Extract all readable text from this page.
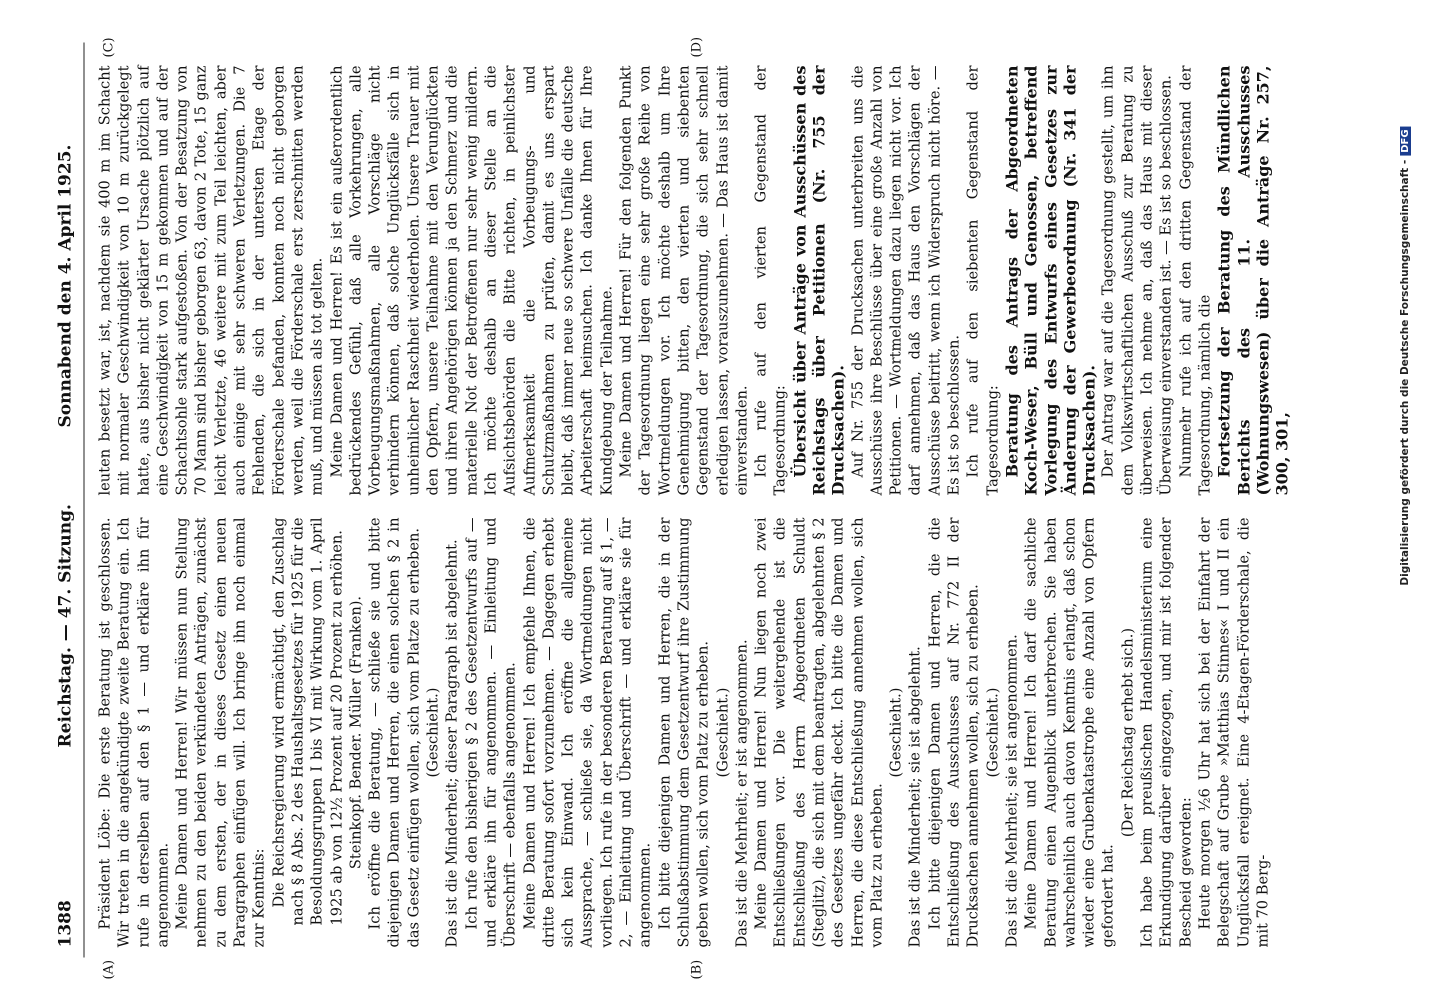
1388
Reichstag. — 47. Sitzung.
Sonnabend den 4. April 1925.
(A)	(B)
(C)	(D)

Präsident Löbe: Die erste Beratung ist geschlossen. Wir treten in die angekündigte zweite Beratung ein. Ich rufe in derselben auf den § 1 — und erkläre ihn für angenommen. Meine Damen und Herren! Wir müssen nun Stellung nehmen zu den beiden verkündeten Anträgen, zunächst zu dem ersten, der in dieses Gesetz einen neuen Paragraphen einfügen will. Ich bringe ihn noch einmal zur Kenntnis: Die Reichsregierung wird ermächtigt, den Zuschlag nach § 8 Abs. 2 des Haushaltsgesetzes für 1925 für die Besoldungsgruppen I bis VI mit Wirkung vom 1. April 1925 ab von 12½ Prozent auf 20 Prozent zu erhöhen. Steinkopf. Bender. Müller (Franken). Ich eröffne die Beratung, — schließe sie und bitte diejenigen Damen und Herren, die einen solchen § 2 in das Gesetz einfügen wollen, sich vom Platze zu erheben. (Geschieht.) Das ist die Minderheit; dieser Paragraph ist abgelehnt. Ich rufe den bisherigen § 2 des Gesetzentwurfs auf — und erkläre ihn für angenommen. — Einleitung und Überschrift — ebenfalls angenommen. Meine Damen und Herren! Ich empfehle Ihnen, die dritte Beratung sofort vorzunehmen. — Dagegen erhebt sich kein Einwand. Ich eröffne die allgemeine Aussprache, — schließe sie, da Wortmeldungen nicht vorliegen. Ich rufe in der besonderen Beratung auf § 1, — 2, — Einleitung und Überschrift — und erkläre sie für angenommen. Ich bitte diejenigen Damen und Herren, die in der Schlußabstimmung dem Gesetzentwurf ihre Zustimmung geben wollen, sich vom Platz zu erheben. (Geschieht.) Das ist die Mehrheit; er ist angenommen. Meine Damen und Herren! Nun liegen noch zwei Entschließungen vor. Die weitergehende ist die Entschließung des Herrn Abgeordneten Schuldt (Steglitz), die sich mit dem beantragten, abgelehnten § 2 des Gesetzes ungefähr deckt. Ich bitte die Damen und Herren, die diese Entschließung annehmen wollen, sich vom Platz zu erheben.

(Geschieht.) Das ist die Minderheit; sie ist abgelehnt. Ich bitte diejenigen Damen und Herren, die die Entschließung des Ausschusses auf Nr. 772 II der Drucksachen annehmen wollen, sich zu erheben. (Geschieht.) Das ist die Mehrheit; sie ist angenommen. Meine Damen und Herren! Ich darf die sachliche Beratung einen Augenblick unterbrechen. Sie haben wahrscheinlich auch davon Kenntnis erlangt, daß schon wieder eine Grubenkatastrophe eine Anzahl von Opfern gefordert hat.

(Der Reichstag erhebt sich.) Ich habe beim preußischen Handelsministerium eine Erkundigung darüber eingezogen, und mir ist folgender Bescheid geworden: Heute morgen ½6 Uhr hat sich bei der Einfahrt der Belegschaft auf Grube »Matthias Stinnes« I und II ein Unglücksfall ereignet. Eine 4-Etagen-Förderschale, die mit 70 Berg-

leuten besetzt war, ist, nachdem sie 400 m im Schacht mit normaler Geschwindigkeit von 10 m zurückgelegt hatte, aus bisher nicht geklärter Ursache plötzlich auf eine Geschwindigkeit von 15 m gekommen und auf der Schachtsohle stark aufgestoßen. Von der Besatzung von 70 Mann sind bisher geborgen 63, davon 2 Tote, 15 ganz leicht Verletzte, 46 weitere mit zum Teil leichten, aber auch einige mit sehr schweren Verletzungen. Die 7 Fehlenden, die sich in der untersten Etage der Förderschale befanden, konnten noch nicht geborgen werden, weil die Förderschale erst zerschnitten werden muß, und müssen als tot gelten. Meine Damen und Herren! Es ist ein außerordentlich bedrückendes Gefühl, daß alle Vorkehrungen, alle Vorbeugungsmaßnahmen, alle Vorschläge nicht verhindern können, daß solche Unglücksfälle sich in unheimlicher Raschheit wiederholen. Unsere Trauer mit den Opfern, unsere Teilnahme mit den Verunglückten und ihren Angehörigen können ja den Schmerz und die materielle Not der Betroffenen nur sehr wenig mildern. Ich möchte deshalb an dieser Stelle an die Aufsichtsbehörden die Bitte richten, in peinlichster Aufmerksamkeit die Vorbeugungs- und Schutzmaßnahmen zu prüfen, damit es uns erspart bleibt, daß immer neue so schwere Unfälle die deutsche Arbeiterschaft heimsuchen. Ich danke Ihnen für Ihre Kundgebung der Teilnahme. Meine Damen und Herren! Für den folgenden Punkt der Tagesordnung liegen eine sehr große Reihe von Wortmeldungen vor. Ich möchte deshalb um Ihre Genehmigung bitten, den vierten und siebenten Gegenstand der Tagesordnung, die sich sehr schnell erledigen lassen, vorauszunehmen. — Das Haus ist damit einverstanden. Ich rufe auf den vierten Gegenstand der Tagesordnung: Übersicht über Anträge von Ausschüssen des Reichstags über Petitionen (Nr. 755 der Drucksachen). Auf Nr. 755 der Drucksachen unterbreiten uns die Ausschüsse ihre Beschlüsse über eine große Anzahl von Petitionen. — Wortmeldungen dazu liegen nicht vor. Ich darf annehmen, daß das Haus den Vorschlägen der Ausschüsse beitritt, wenn ich Widerspruch nicht höre. — Es ist so beschlossen. Ich rufe auf den siebenten Gegenstand der Tagesordnung: Beratung des Antrags der Abgeordneten Koch-Weser, Büll und Genossen, betreffend Vorlegung des Entwurfs eines Gesetzes zur Änderung der Gewerbeordnung (Nr. 341 der Drucksachen). Der Antrag war auf die Tagesordnung gestellt, um ihn dem Volkswirtschaftlichen Ausschuß zur Beratung zu überweisen. Ich nehme an, daß das Haus mit dieser Überweisung einverstanden ist. — Es ist so beschlossen. Nunmehr rufe ich auf den dritten Gegenstand der Tagesordnung, nämlich die Fortsetzung der Beratung des Mündlichen Berichts des 11. Ausschusses (Wohnungswesen) über die Anträge Nr. 257, 300, 301,	Digitalisierung gefördert durch die Deutsche Forschungsgemeinschaft -DFG
